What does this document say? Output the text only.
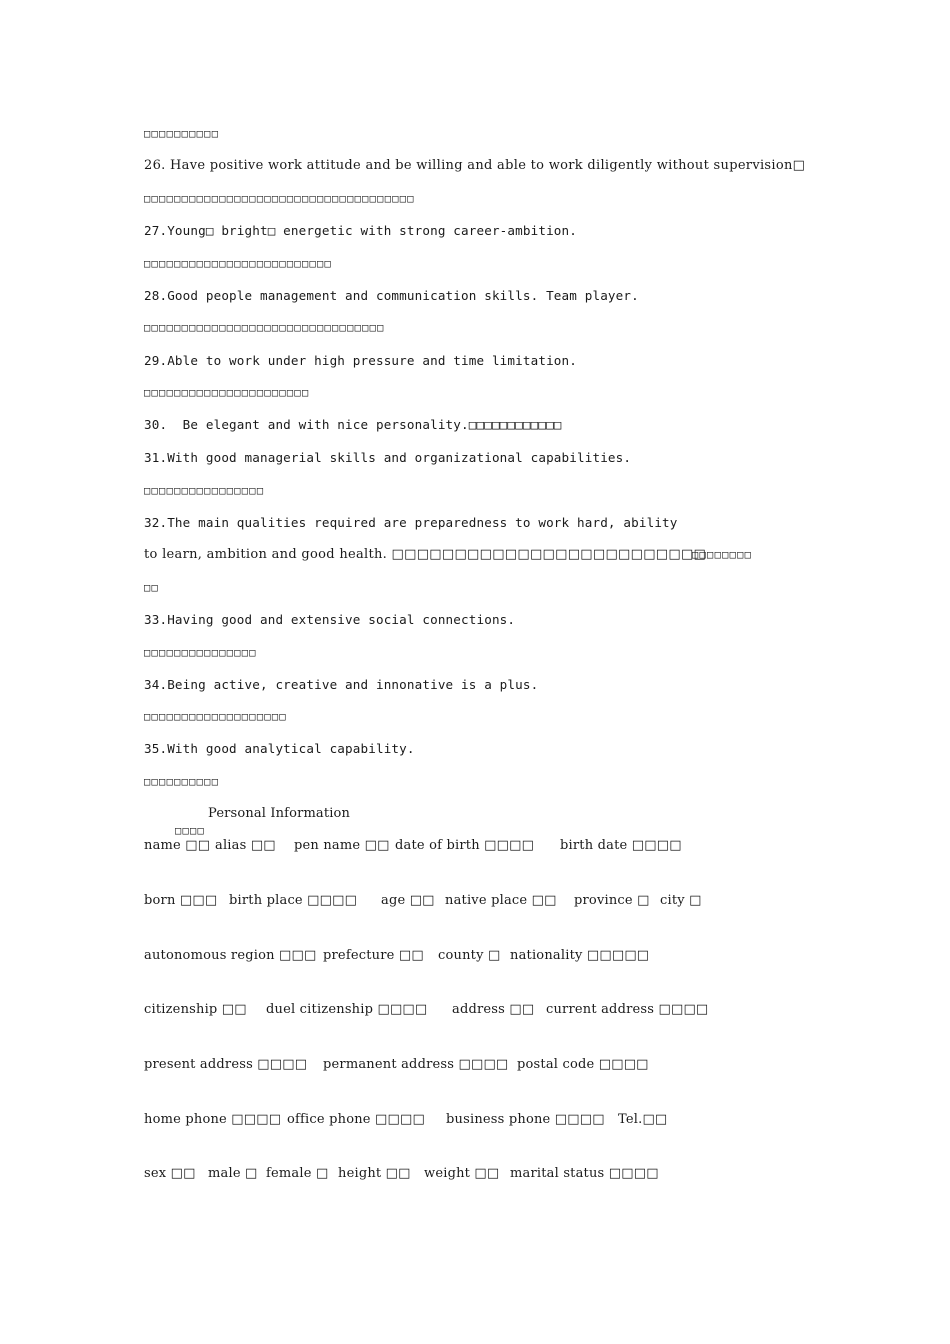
□□□□□□□□□□
26. Have positive work attitude and be willing and able to work diligently without supervision□
□□□□□□□□□□□□□□□□□□□□□□□□□□□□□□□□□□□□
27.Young□ bright□ energetic with strong career-ambition.
□□□□□□□□□□□□□□□□□□□□□□□□□
28.Good people management and communication skills. Team player.
□□□□□□□□□□□□□□□□□□□□□□□□□□□□□□□□
29.Able to work under high pressure and time limitation.
□□□□□□□□□□□□□□□□□□□□□□
30.  Be elegant and with nice personality.□□□□□□□□□□□□
31.With good managerial skills and organizational capabilities.
□□□□□□□□□□□□□□□□
32.The main qualities required are preparedness to work hard, ability
to learn, ambition and good health. □□□□□□□□□□□□□□□□□□□□□□□□□
□□□□□□□□
□□
33.Having good and extensive social connections.
□□□□□□□□□□□□□□□
34.Being active, creative and innonative is a plus.
□□□□□□□□□□□□□□□□□□□
35.With good analytical capability.
□□□□□□□□□□

□□□□

Personal Information

name □□

alias □□

pen name □□

date of birth □□□□

birth date □□□□

born □□□

birth place □□□□

age □□

native place □□

province □

city □

autonomous region □□□

prefecture □□

county □

nationality □□□□□

citizenship □□

duel citizenship □□□□

address □□

current address □□□□

present address □□□□

permanent address □□□□

postal code □□□□

home phone □□□□

office phone □□□□

business phone □□□□

Tel.□□

sex □□

male □

female □

height □□

weight □□

marital status □□□□
